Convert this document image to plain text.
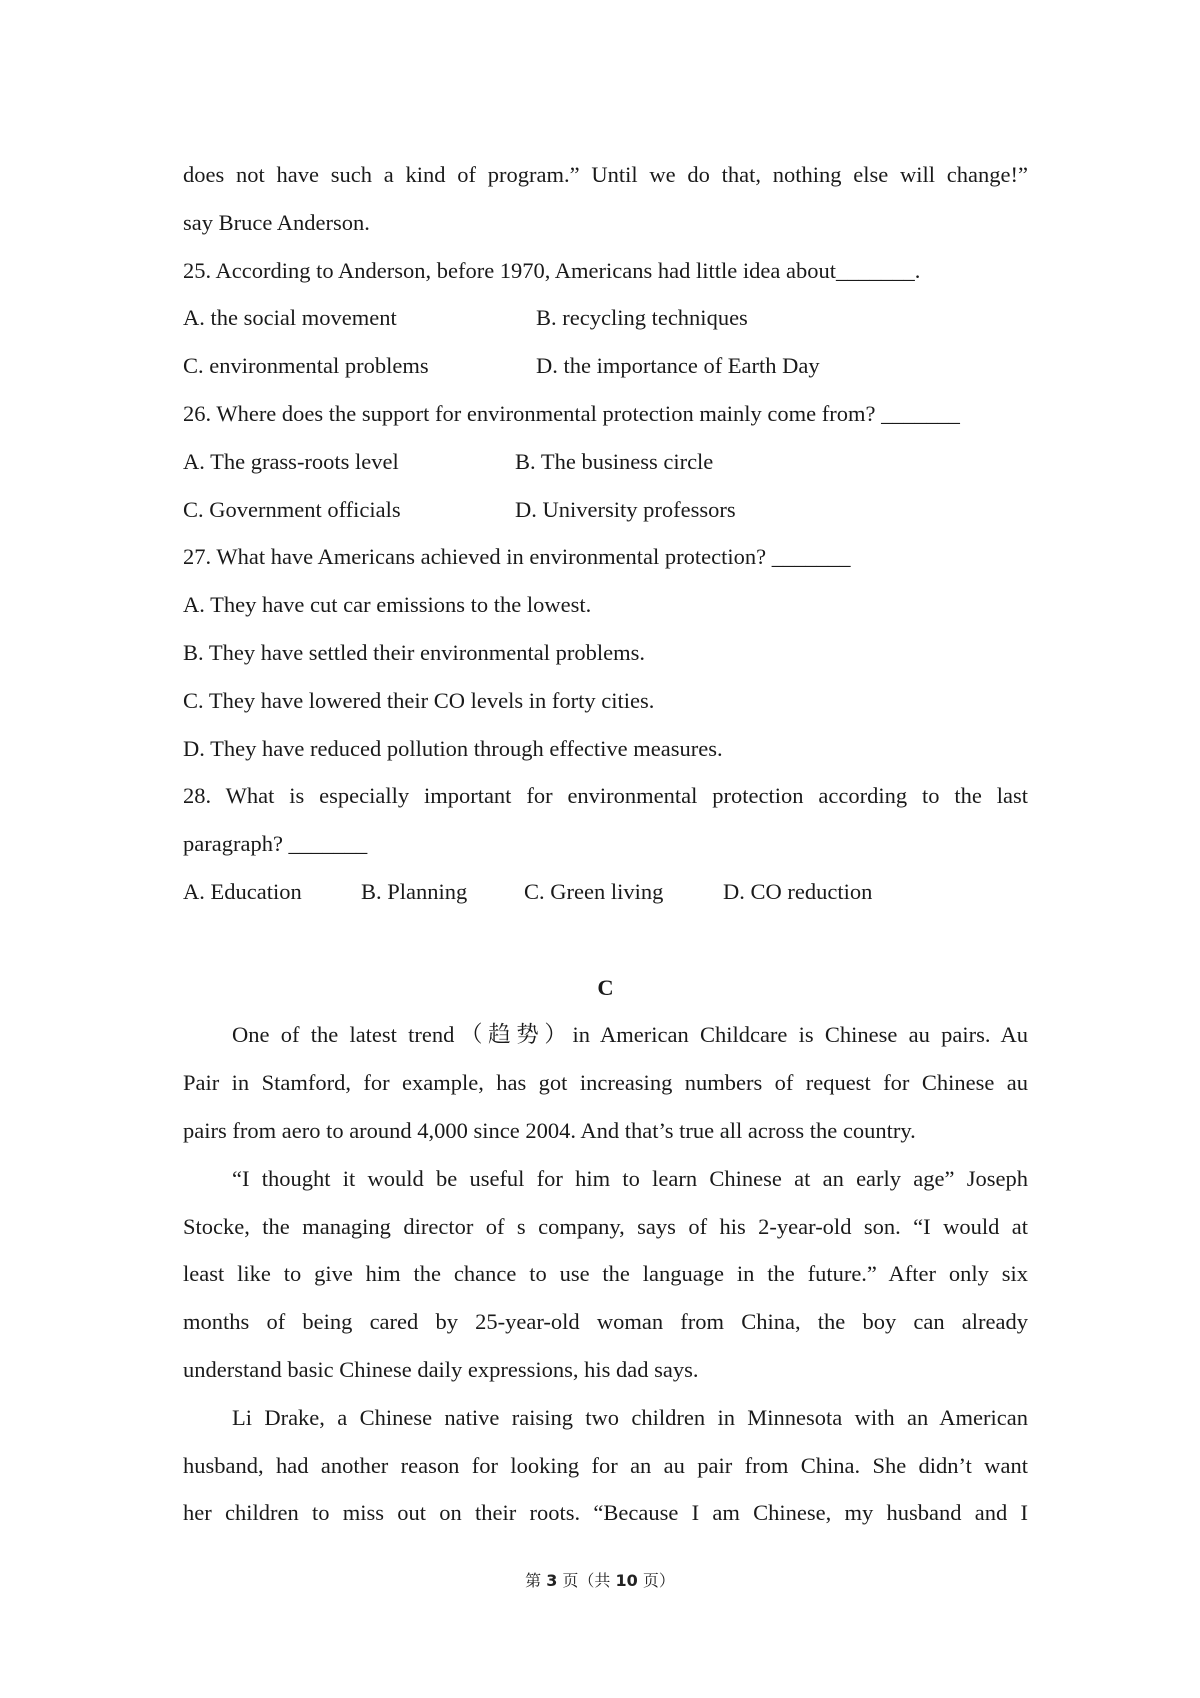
does not have such a kind of program.” Until we do that, nothing else will change!”
say Bruce Anderson.
25. According to Anderson, before 1970, Americans had little idea about_______.
A. the social movement	B. recycling techniques
C. environmental problems	D. the importance of Earth Day
26. Where does the support for environmental protection mainly come from? _______
A. The grass-roots level	B. The business circle
C. Government officials	D. University professors
27. What have Americans achieved in environmental protection? _______
A. They have cut car emissions to the lowest.
B. They have settled their environmental problems.
C. They have lowered their CO levels in forty cities.
D. They have reduced pollution through effective measures.
28. What is especially important for environmental protection according to the last
paragraph? _______
A. Education	B. Planning	C. Green living	D. CO reduction
C
One of the latest trend（趋势）in American Childcare is Chinese au pairs. Au
Pair in Stamford, for example, has got increasing numbers of request for Chinese au
pairs from aero to around 4,000 since 2004. And that’s true all across the country.
“I thought it would be useful for him to learn Chinese at an early age” Joseph
Stocke, the managing director of s company, says of his 2-year-old son. “I would at
least like to give him the chance to use the language in the future.” After only six
months of being cared by 25-year-old woman from China, the boy can already
understand basic Chinese daily expressions, his dad says.
Li Drake, a Chinese native raising two children in Minnesota with an American
husband, had another reason for looking for an au pair from China. She didn’t want
her children to miss out on their roots. “Because I am Chinese, my husband and I
第 3 页（共 10 页）
